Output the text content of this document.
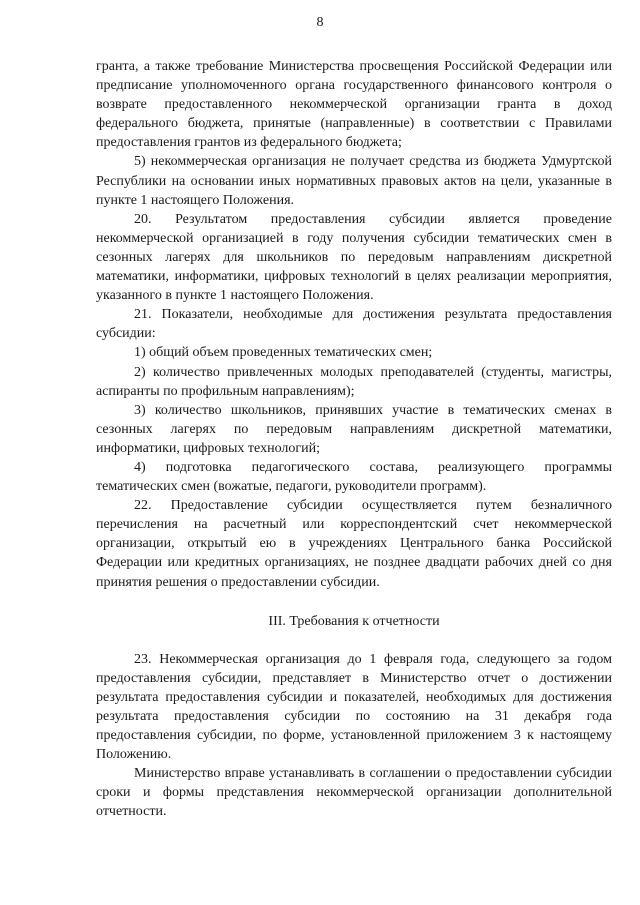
8

гранта, а также требование Министерства просвещения Российской Федерации или предписание уполномоченного органа государственного финансового контроля о возврате предоставленного некоммерческой организации гранта в доход федерального бюджета, принятые (направленные) в соответствии с Правилами предоставления грантов из федерального бюджета;

5) некоммерческая организация не получает средства из бюджета Удмуртской Республики на основании иных нормативных правовых актов на цели, указанные в пункте 1 настоящего Положения.

20. Результатом предоставления субсидии является проведение некоммерческой организацией в году получения субсидии тематических смен в сезонных лагерях для школьников по передовым направлениям дискретной математики, информатики, цифровых технологий в целях реализации мероприятия, указанного в пункте 1 настоящего Положения.

21. Показатели, необходимые для достижения результата предоставления субсидии:

1) общий объем проведенных тематических смен;

2) количество привлеченных молодых преподавателей (студенты, магистры, аспиранты по профильным направлениям);

3) количество школьников, принявших участие в тематических сменах в сезонных лагерях по передовым направлениям дискретной математики, информатики, цифровых технологий;

4) подготовка педагогического состава, реализующего программы тематических смен (вожатые, педагоги, руководители программ).

22. Предоставление субсидии осуществляется путем безналичного перечисления на расчетный или корреспондентский счет некоммерческой организации, открытый ею в учреждениях Центрального банка Российской Федерации или кредитных организациях, не позднее двадцати рабочих дней со дня принятия решения о предоставлении субсидии.

III. Требования к отчетности

23. Некоммерческая организация до 1 февраля года, следующего за годом предоставления субсидии, представляет в Министерство отчет о достижении результата предоставления субсидии и показателей, необходимых для достижения результата предоставления субсидии по состоянию на 31 декабря года предоставления субсидии, по форме, установленной приложением 3 к настоящему Положению.

Министерство вправе устанавливать в соглашении о предоставлении субсидии сроки и формы представления некоммерческой организации дополнительной отчетности.
